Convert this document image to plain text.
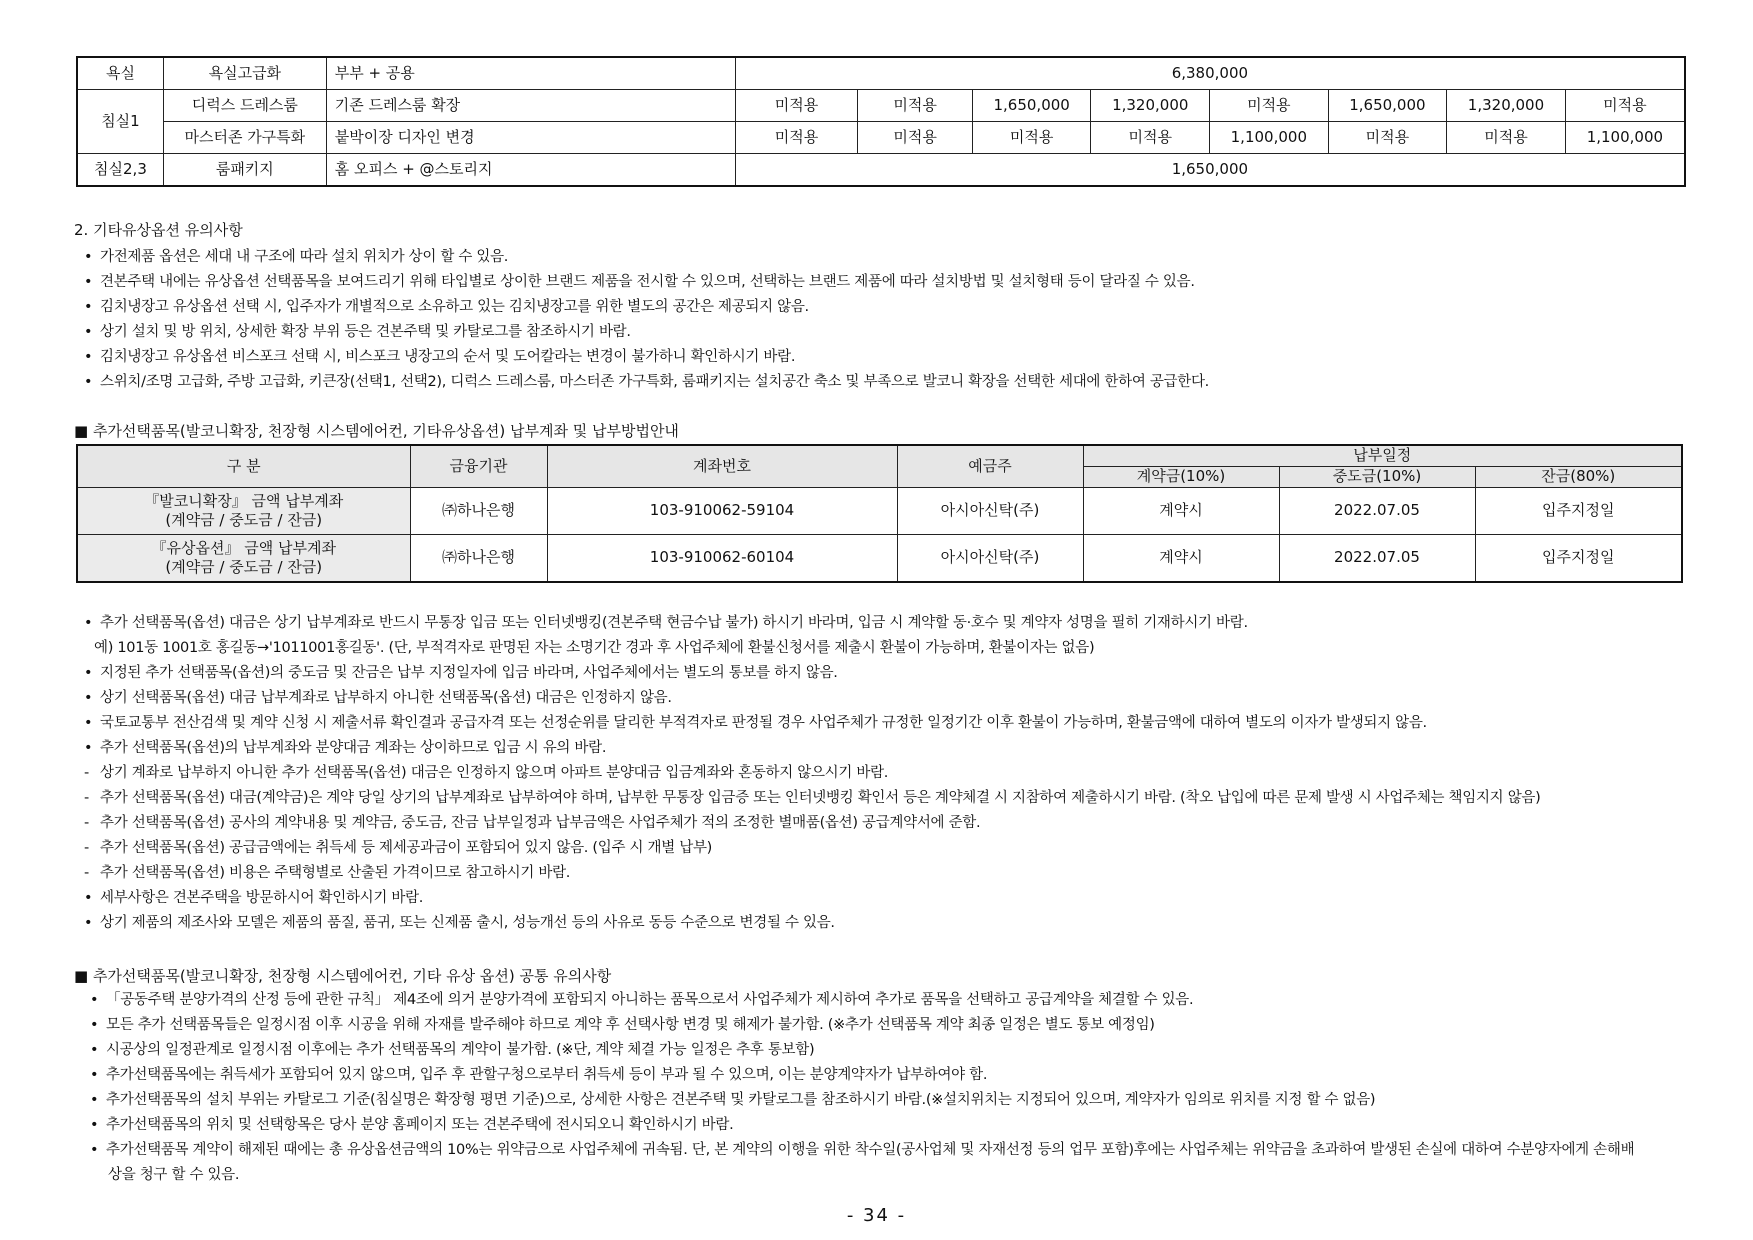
욕실	욕실고급화	부부 + 공용	6,380,000							
침실1	디럭스 드레스룸	기존 드레스룸 확장	미적용	미적용	1,650,000	1,320,000	미적용	1,650,000	1,320,000	미적용
	마스터존 가구특화	붙박이장 디자인 변경	미적용	미적용	미적용	미적용	1,100,000	미적용	미적용	1,100,000
침실2,3	룸패키지	홈 오피스 + @스토리지	1,650,000							
2. 기타유상옵션 유의사항
• 가전제품 옵션은 세대 내 구조에 따라 설치 위치가 상이 할 수 있음.
• 견본주택 내에는 유상옵션 선택품목을 보여드리기 위해 타입별로 상이한 브랜드 제품을 전시할 수 있으며, 선택하는 브랜드 제품에 따라 설치방법 및 설치형태 등이 달라질 수 있음.
• 김치냉장고 유상옵션 선택 시, 입주자가 개별적으로 소유하고 있는 김치냉장고를 위한 별도의 공간은 제공되지 않음.
• 상기 설치 및 방 위치, 상세한 확장 부위 등은 견본주택 및 카탈로그를 참조하시기 바람.
• 김치냉장고 유상옵션 비스포크 선택 시, 비스포크 냉장고의 순서 및 도어칼라는 변경이 불가하니 확인하시기 바람.
• 스위치/조명 고급화, 주방 고급화, 키큰장(선택1, 선택2), 디럭스 드레스룸, 마스터존 가구특화, 룸패키지는 설치공간 축소 및 부족으로 발코니 확장을 선택한 세대에 한하여 공급한다.
■ 추가선택품목(발코니확장, 천장형 시스템에어컨, 기타유상옵션) 납부계좌 및 납부방법안내
구 분	금융기관	계좌번호	예금주	납부일정		
				계약금(10%)	중도금(10%)	잔금(80%)

『발코니확장』 금액 납부계좌
(계약금 / 중도금 / 잔금)	㈜하나은행	103-910062-59104	아시아신탁(주)	계약시	2022.07.05	입주지정일

『유상옵션』 금액 납부계좌
(계약금 / 중도금 / 잔금)	㈜하나은행	103-910062-60104	아시아신탁(주)	계약시	2022.07.05	입주지정일
• 추가 선택품목(옵션) 대금은 상기 납부계좌로 반드시 무통장 입금 또는 인터넷뱅킹(견본주택 현금수납 불가) 하시기 바라며, 입금 시 계약할 동·호수 및 계약자 성명을 필히 기재하시기 바람.
예) 101동 1001호 홍길동→'1011001홍길동'. (단, 부적격자로 판명된 자는 소명기간 경과 후 사업주체에 환불신청서를 제출시 환불이 가능하며, 환불이자는 없음)
• 지정된 추가 선택품목(옵션)의 중도금 및 잔금은 납부 지정일자에 입금 바라며, 사업주체에서는 별도의 통보를 하지 않음.
• 상기 선택품목(옵션) 대금 납부계좌로 납부하지 아니한 선택품목(옵션) 대금은 인정하지 않음.
• 국토교통부 전산검색 및 계약 신청 시 제출서류 확인결과 공급자격 또는 선정순위를 달리한 부적격자로 판정될 경우 사업주체가 규정한 일정기간 이후 환불이 가능하며, 환불금액에 대하여 별도의 이자가 발생되지 않음.
• 추가 선택품목(옵션)의 납부계좌와 분양대금 계좌는 상이하므로 입금 시 유의 바람.
- 상기 계좌로 납부하지 아니한 추가 선택품목(옵션) 대금은 인정하지 않으며 아파트 분양대금 입금계좌와 혼동하지 않으시기 바람.
- 추가 선택품목(옵션) 대금(계약금)은 계약 당일 상기의 납부계좌로 납부하여야 하며, 납부한 무통장 입금증 또는 인터넷뱅킹 확인서 등은 계약체결 시 지참하여 제출하시기 바람. (착오 납입에 따른 문제 발생 시 사업주체는 책임지지 않음)
- 추가 선택품목(옵션) 공사의 계약내용 및 계약금, 중도금, 잔금 납부일정과 납부금액은 사업주체가 적의 조정한 별매품(옵션) 공급계약서에 준함.
- 추가 선택품목(옵션) 공급금액에는 취득세 등 제세공과금이 포함되어 있지 않음. (입주 시 개별 납부)
- 추가 선택품목(옵션) 비용은 주택형별로 산출된 가격이므로 참고하시기 바람.
• 세부사항은 견본주택을 방문하시어 확인하시기 바람.
• 상기 제품의 제조사와 모델은 제품의 품질, 품귀, 또는 신제품 출시, 성능개선 등의 사유로 동등 수준으로 변경될 수 있음.
■ 추가선택품목(발코니확장, 천장형 시스템에어컨, 기타 유상 옵션) 공통 유의사항
• 「공동주택 분양가격의 산정 등에 관한 규칙」 제4조에 의거 분양가격에 포함되지 아니하는 품목으로서 사업주체가 제시하여 추가로 품목을 선택하고 공급계약을 체결할 수 있음.
• 모든 추가 선택품목들은 일정시점 이후 시공을 위해 자재를 발주해야 하므로 계약 후 선택사항 변경 및 해제가 불가함. (※추가 선택품목 계약 최종 일정은 별도 통보 예정임)
• 시공상의 일정관계로 일정시점 이후에는 추가 선택품목의 계약이 불가함. (※단, 계약 체결 가능 일정은 추후 통보함)
• 추가선택품목에는 취득세가 포함되어 있지 않으며, 입주 후 관할구청으로부터 취득세 등이 부과 될 수 있으며, 이는 분양계약자가 납부하여야 함.
• 추가선택품목의 설치 부위는 카탈로그 기준(침실명은 확장형 평면 기준)으로, 상세한 사항은 견본주택 및 카탈로그를 참조하시기 바람.(※설치위치는 지정되어 있으며, 계약자가 임의로 위치를 지정 할 수 없음)
• 추가선택품목의 위치 및 선택항목은 당사 분양 홈페이지 또는 견본주택에 전시되오니 확인하시기 바람.
• 추가선택품목 계약이 해제된 때에는 총 유상옵션금액의 10%는 위약금으로 사업주체에 귀속됨. 단, 본 계약의 이행을 위한 착수일(공사업체 및 자재선정 등의 업무 포함)후에는 사업주체는 위약금을 초과하여 발생된 손실에 대하여 수분양자에게 손해배
상을 청구 할 수 있음.
- 34 -
